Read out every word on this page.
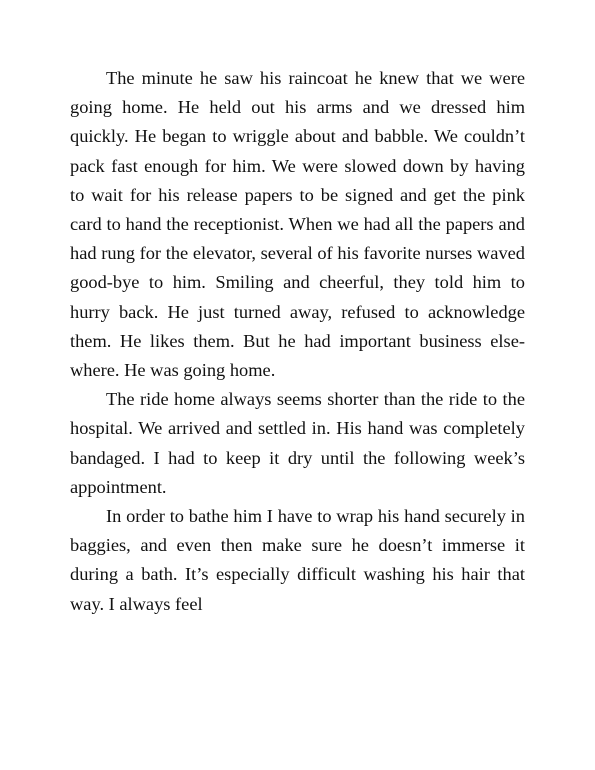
The minute he saw his raincoat he knew that we were going home. He held out his arms and we dressed him quickly. He began to wriggle about and babble. We couldn’t pack fast enough for him. We were slowed down by having to wait for his release papers to be signed and get the pink card to hand the receptionist. When we had all the papers and had rung for the elevator, several of his favorite nurses waved good-bye to him. Smiling and cheerful, they told him to hurry back. He just turned away, refused to acknowledge them. He likes them. But he had important business elsewhere. He was going home.

The ride home always seems shorter than the ride to the hospital. We arrived and settled in. His hand was completely bandaged. I had to keep it dry until the following week’s appointment.

In order to bathe him I have to wrap his hand securely in baggies, and even then make sure he doesn’t immerse it during a bath. It’s especially difficult washing his hair that way. I always feel
